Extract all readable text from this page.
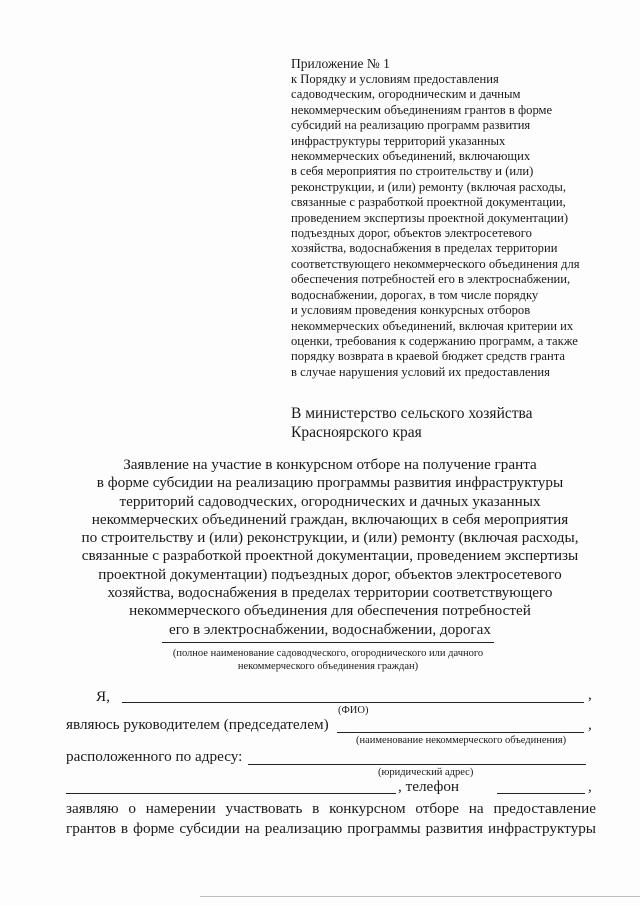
Приложение № 1
к Порядку и условиям предоставления
садоводческим, огородническим и дачным
некоммерческим объединениям грантов в форме
субсидий на реализацию программ развития
инфраструктуры территорий указанных
некоммерческих объединений, включающих
в себя мероприятия по строительству и (или)
реконструкции, и (или) ремонту (включая расходы,
связанные с разработкой проектной документации,
проведением экспертизы проектной документации)
подъездных дорог, объектов электросетевого
хозяйства, водоснабжения в пределах территории
соответствующего некоммерческого объединения для
обеспечения потребностей его в электроснабжении,
водоснабжении, дорогах, в том числе порядку
и условиям проведения конкурсных отборов
некоммерческих объединений, включая критерии их
оценки, требования к содержанию программ, а также
порядку возврата в краевой бюджет средств гранта
в случае нарушения условий их предоставления
В министерство сельского хозяйства
Красноярского края
Заявление на участие в конкурсном отборе на получение гранта
в форме субсидии на реализацию программы развития инфраструктуры
территорий садоводческих, огороднических и дачных указанных
некоммерческих объединений граждан, включающих в себя мероприятия
по строительству и (или) реконструкции, и (или) ремонту (включая расходы,
связанные с разработкой проектной документации, проведением экспертизы
проектной документации) подъездных дорог, объектов электросетевого
хозяйства, водоснабжения в пределах территории соответствующего
некоммерческого объединения для обеспечения потребностей
его в электроснабжении, водоснабжении, дорогах
(полное наименование садоводческого, огороднического или дачного
некоммерческого объединения граждан)
Я,	,
(ФИО)
являюсь руководителем (председателем)	,
(наименование некоммерческого объединения)
расположенного по адресу:
(юридический адрес)
, телефон	,
заявляю о намерении участвовать в конкурсном отборе на предоставление
грантов в форме субсидии на реализацию программы развития инфраструктуры
